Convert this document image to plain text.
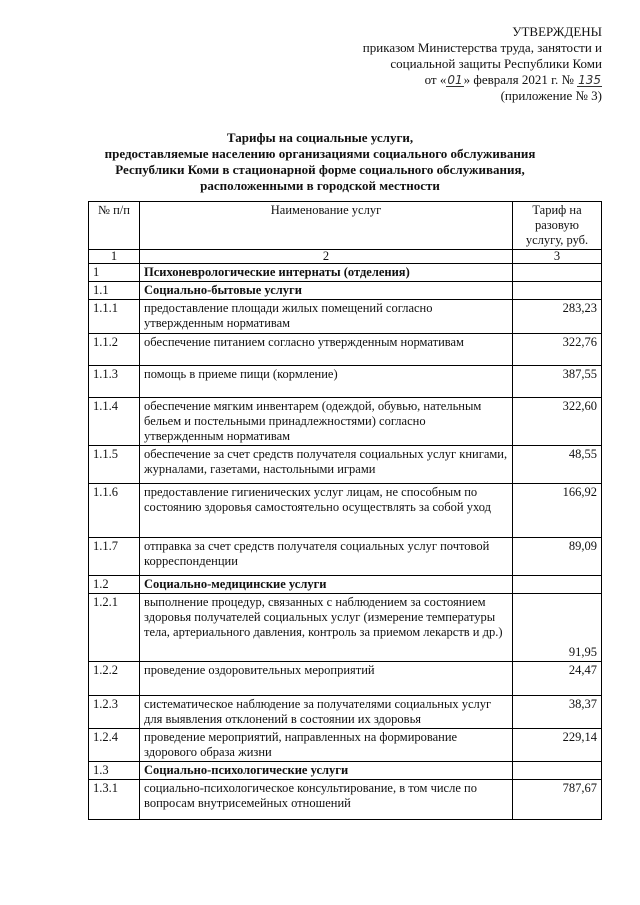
УТВЕРЖДЕНЫ
приказом Министерства труда, занятости и
социальной защиты Республики Коми
от «01» февраля 2021 г. № 135
(приложение № 3)
Тарифы на социальные услуги,
предоставляемые населению организациями социального обслуживания
Республики Коми в стационарной форме социального обслуживания,
расположенными в городской местности
№ п/п	Наименование услуг	Тариф на разовую услугу, руб.
1	2	3
1	Психоневрологические интернаты (отделения)	
1.1	Социально-бытовые услуги	
1.1.1	предоставление площади жилых помещений согласно утвержденным нормативам	283,23
1.1.2	обеспечение питанием согласно утвержденным нормативам	322,76
1.1.3	помощь в приеме пищи (кормление)	387,55
1.1.4	обеспечение мягким инвентарем (одеждой, обувью, нательным бельем и постельными принадлежностями) согласно утвержденным нормативам	322,60
1.1.5	обеспечение за счет средств получателя социальных услуг книгами, журналами, газетами, настольными играми	48,55
1.1.6	предоставление гигиенических услуг лицам, не способным по состоянию здоровья самостоятельно осуществлять за собой уход	166,92
1.1.7	отправка за счет средств получателя социальных услуг почтовой корреспонденции	89,09
1.2	Социально-медицинские услуги	
1.2.1	выполнение процедур, связанных с наблюдением за состоянием здоровья получателей социальных услуг (измерение температуры тела, артериального давления, контроль за приемом лекарств и др.)	91,95
1.2.2	проведение оздоровительных мероприятий	24,47
1.2.3	систематическое наблюдение за получателями социальных услуг для выявления отклонений в состоянии их здоровья	38,37
1.2.4	проведение мероприятий, направленных на формирование здорового образа жизни	229,14
1.3	Социально-психологические услуги	
1.3.1	социально-психологическое консультирование, в том числе по вопросам внутрисемейных отношений	787,67
